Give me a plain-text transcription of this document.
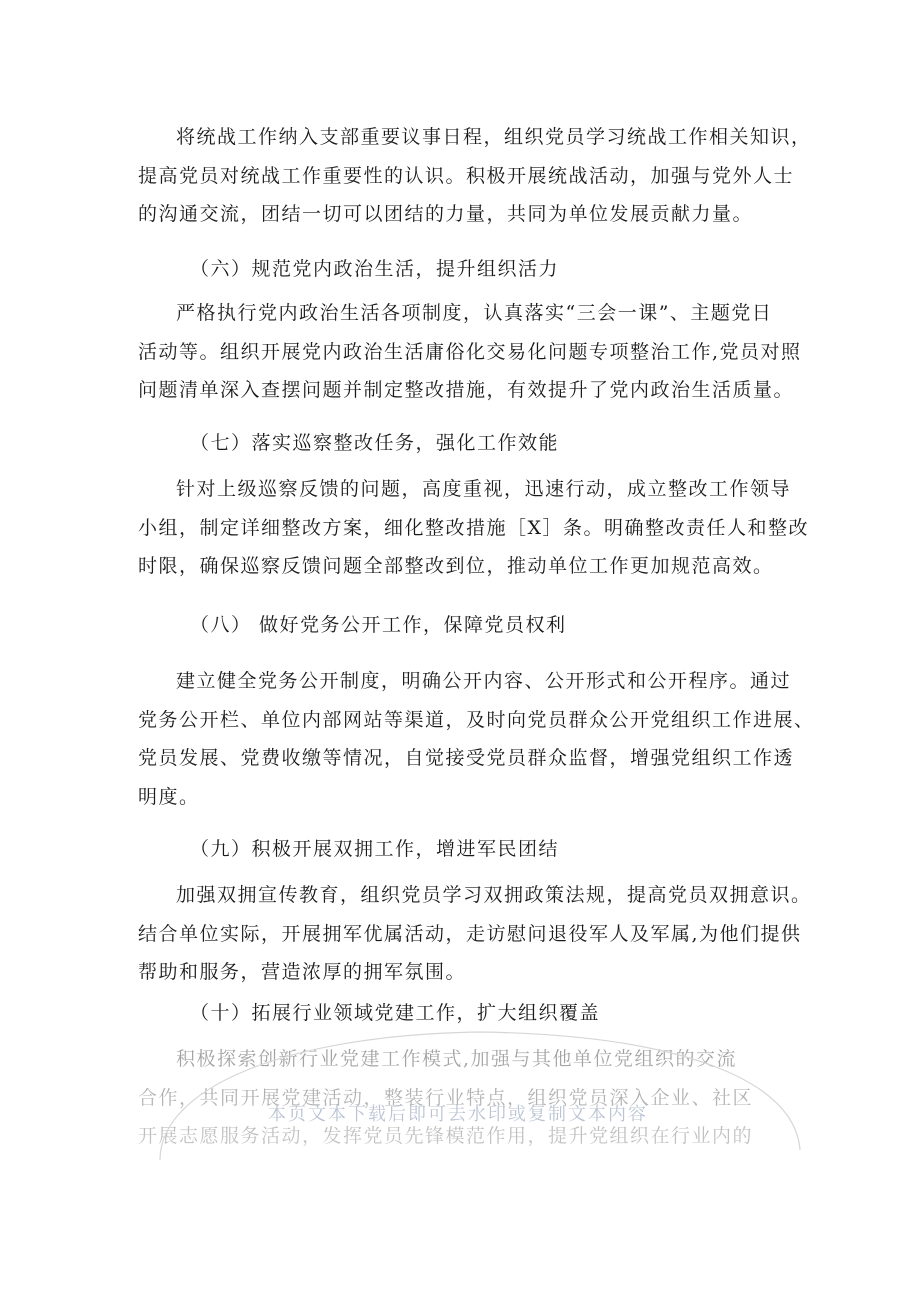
将统战工作纳入支部重要议事日程，组织党员学习统战工作相关知识，
提高党员对统战工作重要性的认识。积极开展统战活动，加强与党外人士
的沟通交流，团结一切可以团结的力量，共同为单位发展贡献力量。
（六）规范党内政治生活，提升组织活力
严格执行党内政治生活各项制度，认真落实“三会一课”、主题党日
活动等。组织开展党内政治生活庸俗化交易化问题专项整治工作,党员对照
问题清单深入查摆问题并制定整改措施，有效提升了党内政治生活质量。
（七）落实巡察整改任务，强化工作效能
针对上级巡察反馈的问题，高度重视，迅速行动，成立整改工作领导
小组，制定详细整改方案，细化整改措施［X］条。明确整改责任人和整改
时限，确保巡察反馈问题全部整改到位，推动单位工作更加规范高效。
（八） 做好党务公开工作，保障党员权利
建立健全党务公开制度，明确公开内容、公开形式和公开程序。通过
党务公开栏、单位内部网站等渠道，及时向党员群众公开党组织工作进展、
党员发展、党费收缴等情况，自觉接受党员群众监督，增强党组织工作透
明度。
（九）积极开展双拥工作，增进军民团结
加强双拥宣传教育，组织党员学习双拥政策法规，提高党员双拥意识。
结合单位实际，开展拥军优属活动，走访慰问退役军人及军属,为他们提供
帮助和服务，营造浓厚的拥军氛围。
（十）拓展行业领域党建工作，扩大组织覆盖
本页文本下载后即可去水印或复制文本内容
